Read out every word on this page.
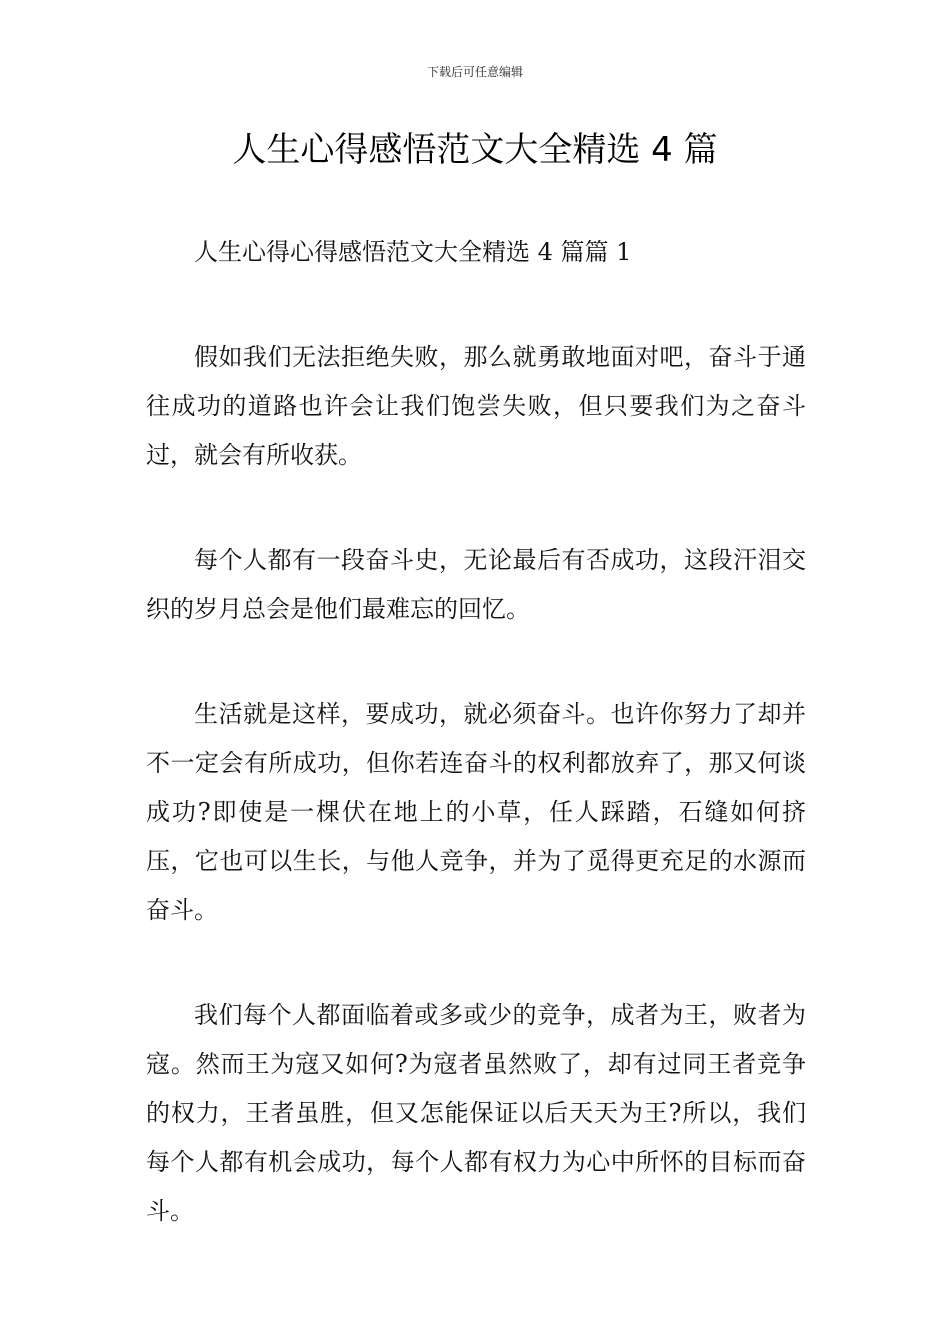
下载后可任意编辑
人生心得感悟范文大全精选 4 篇

人生心得心得感悟范文大全精选 4 篇篇 1

假如我们无法拒绝失败，那么就勇敢地面对吧，奋斗于通往成功的道路也许会让我们饱尝失败，但只要我们为之奋斗过，就会有所收获。

每个人都有一段奋斗史，无论最后有否成功，这段汗泪交织的岁月总会是他们最难忘的回忆。

生活就是这样，要成功，就必须奋斗。也许你努力了却并不一定会有所成功，但你若连奋斗的权利都放弃了，那又何谈成功?即使是一棵伏在地上的小草，任人踩踏，石缝如何挤压，它也可以生长，与他人竞争，并为了觅得更充足的水源而奋斗。

我们每个人都面临着或多或少的竞争，成者为王，败者为寇。然而王为寇又如何?为寇者虽然败了，却有过同王者竞争的权力，王者虽胜，但又怎能保证以后天天为王?所以，我们每个人都有机会成功，每个人都有权力为心中所怀的目标而奋斗。
